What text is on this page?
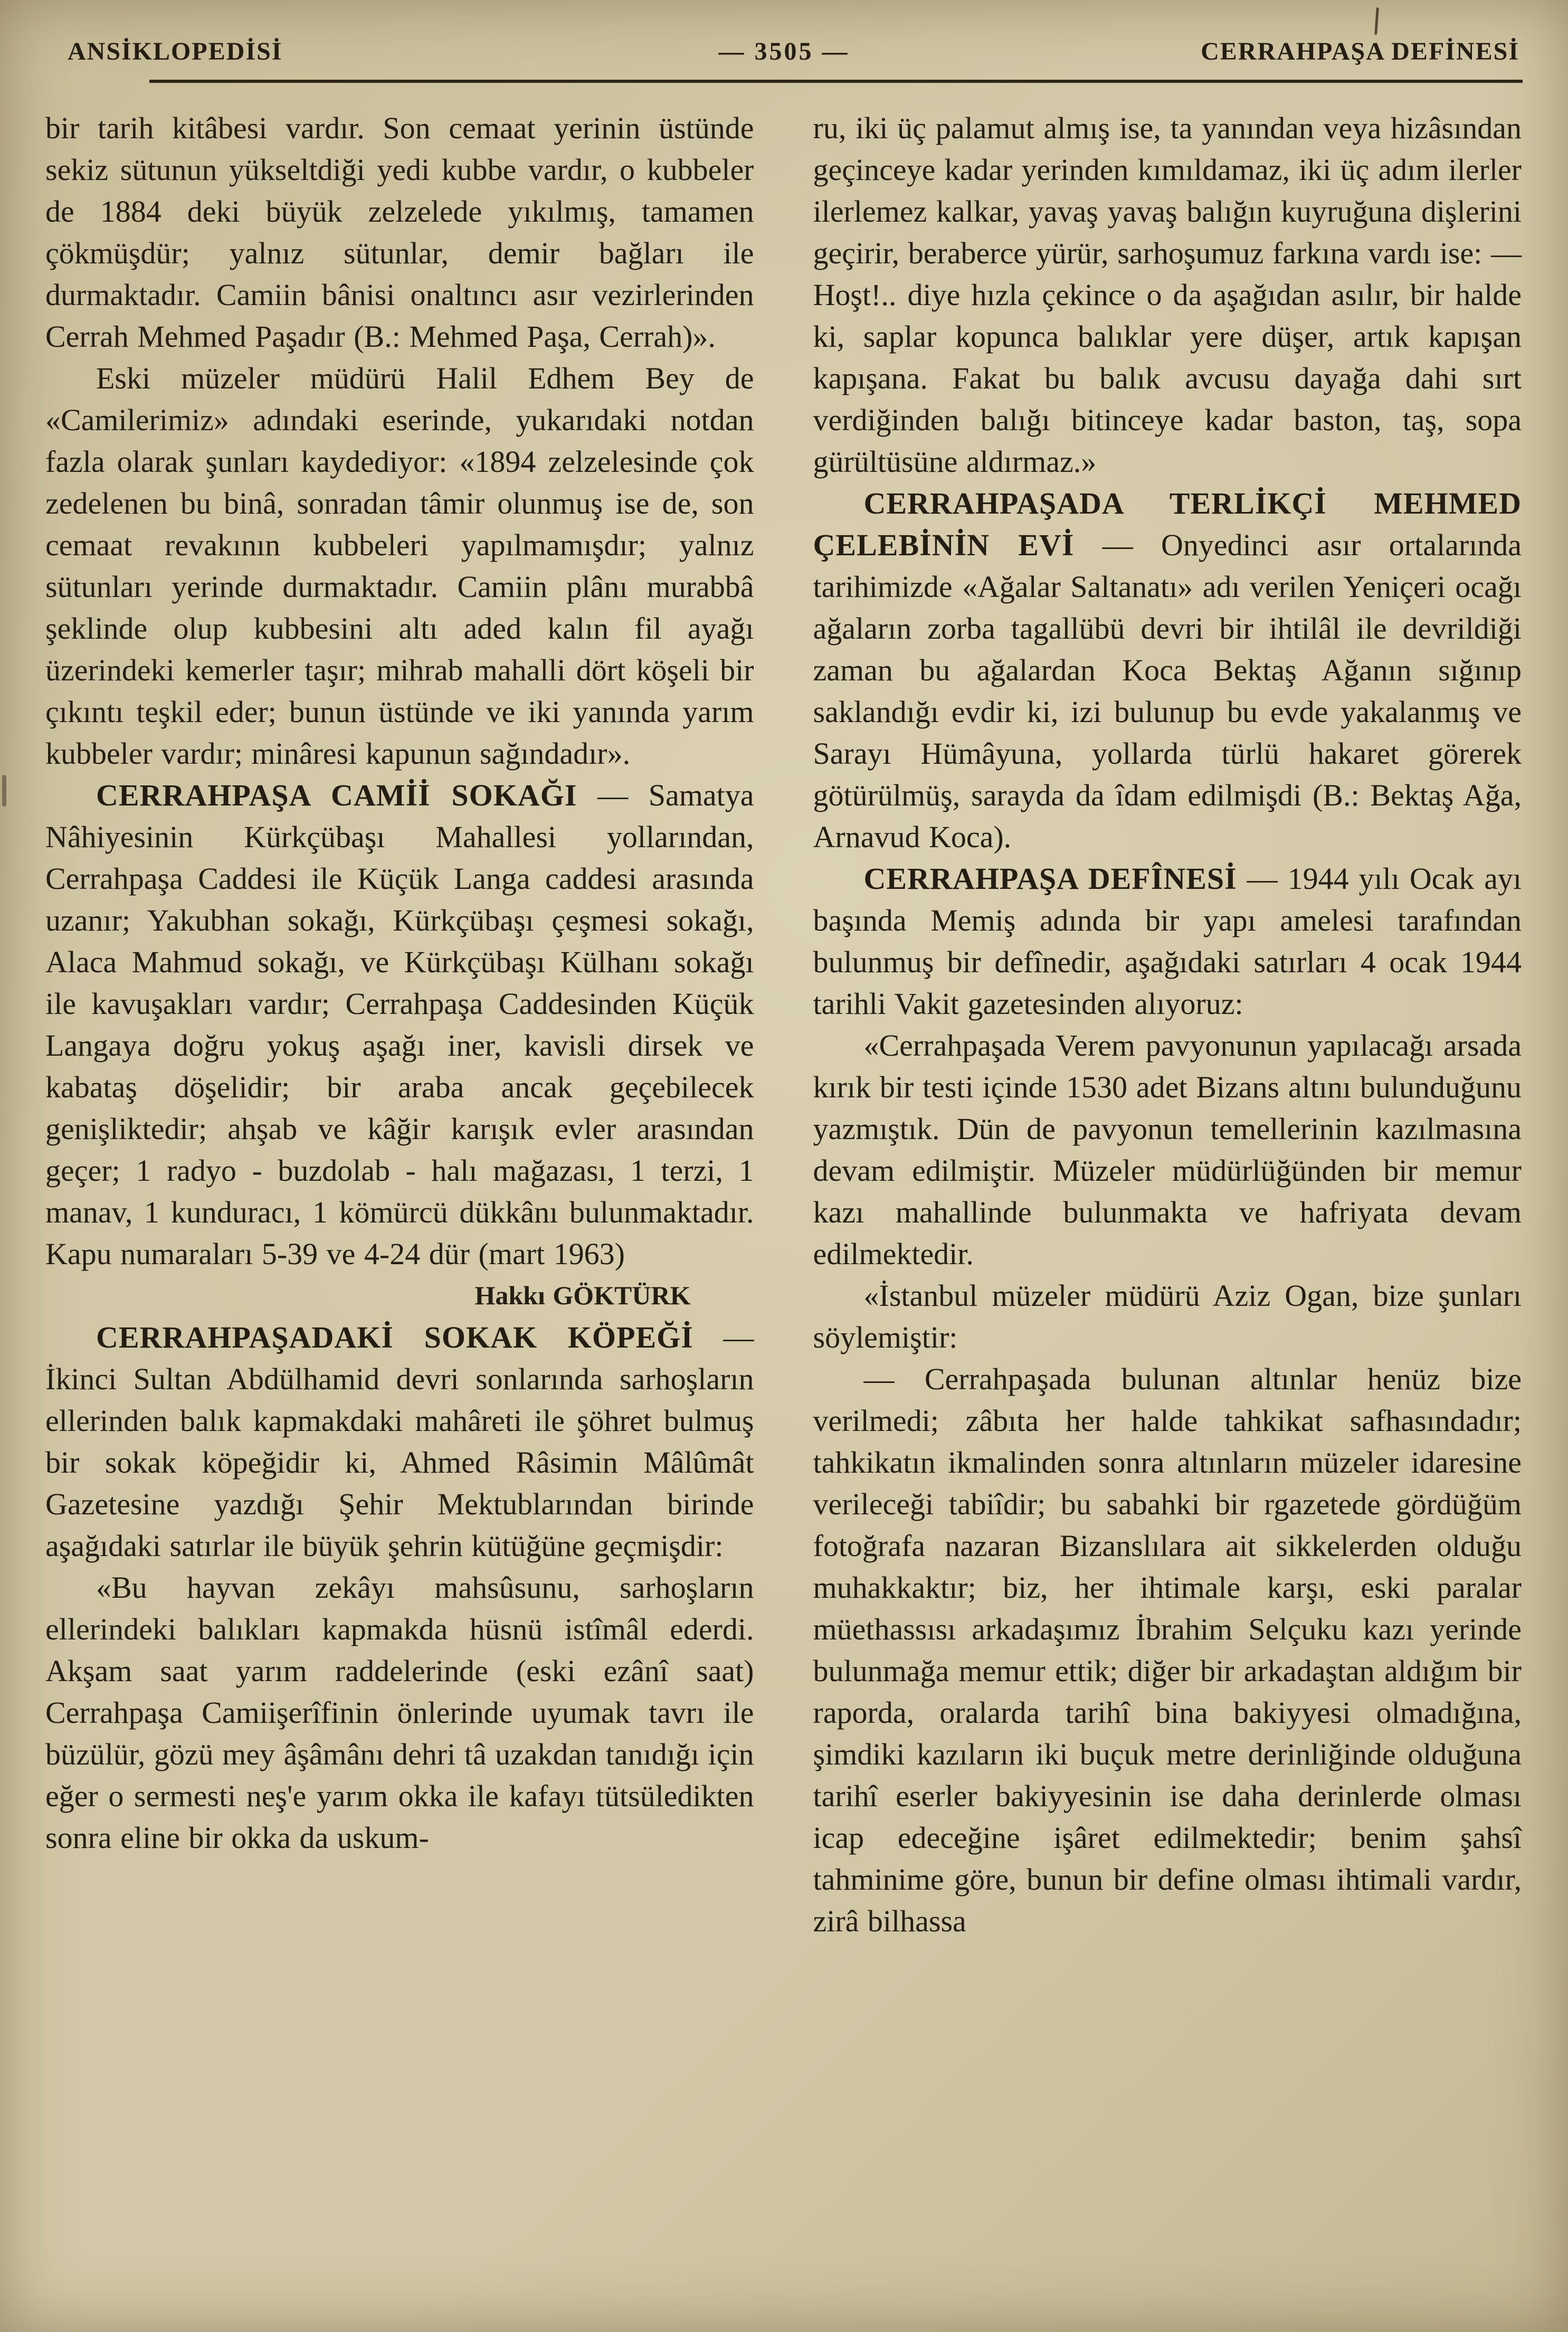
ANSİKLOPEDİSİ	— 3505 —	CERRAHPAŞA DEFİNESİ

bir tarih kitâbesi vardır. Son cemaat yerinin üstünde sekiz sütunun yükseltdiği yedi kubbe vardır, o kubbeler de 1884 deki büyük zelzelede yıkılmış, tamamen çökmüşdür; yalnız sütunlar, demir bağları ile durmaktadır. Camiin bânisi onaltıncı asır vezirlerinden Cerrah Mehmed Paşadır (B.: Mehmed Paşa, Cerrah)».

Eski müzeler müdürü Halil Edhem Bey de «Camilerimiz» adındaki eserinde, yukarıdaki notdan fazla olarak şunları kaydediyor: «1894 zelzelesinde çok zedelenen bu binâ, sonradan tâmir olunmuş ise de, son cemaat revakının kubbeleri yapılmamışdır; yalnız sütunları yerinde durmaktadır. Camiin plânı murabbâ şeklinde olup kubbesini altı aded kalın fil ayağı üzerindeki kemerler taşır; mihrab mahalli dört köşeli bir çıkıntı teşkil eder; bunun üstünde ve iki yanında yarım kubbeler vardır; minâresi kapunun sağındadır».

CERRAHPAŞA CAMİİ SOKAĞI — Samatya Nâhiyesinin Kürkçübaşı Mahallesi yollarından, Cerrahpaşa Caddesi ile Küçük Langa caddesi arasında uzanır; Yakubhan sokağı, Kürkçübaşı çeşmesi sokağı, Alaca Mahmud sokağı, ve Kürkçübaşı Külhanı sokağı ile kavuşakları vardır; Cerrahpaşa Caddesinden Küçük Langaya doğru yokuş aşağı iner, kavisli dirsek ve kabataş döşelidir; bir araba ancak geçebilecek genişliktedir; ahşab ve kâğir karışık evler arasından geçer; 1 radyo - buzdolab - halı mağazası, 1 terzi, 1 manav, 1 kunduracı, 1 kömürcü dükkânı bulunmaktadır. Kapu numaraları 5-39 ve 4-24 dür (mart 1963)

Hakkı GÖKTÜRK

CERRAHPAŞADAKİ SOKAK KÖPEĞİ — İkinci Sultan Abdülhamid devri sonlarında sarhoşların ellerinden balık kapmakdaki mahâreti ile şöhret bulmuş bir sokak köpeğidir ki, Ahmed Râsimin Mâlûmât Gazetesine yazdığı Şehir Mektublarından birinde aşağıdaki satırlar ile büyük şehrin kütüğüne geçmişdir:

«Bu hayvan zekâyı mahsûsunu, sarhoşların ellerindeki balıkları kapmakda hüsnü istîmâl ederdi. Akşam saat yarım raddelerinde (eski ezânî saat) Cerrahpaşa Camiişerîfinin önlerinde uyumak tavrı ile büzülür, gözü mey âşâmânı dehri tâ uzakdan tanıdığı için eğer o sermesti neş'e yarım okka ile kafayı tütsüledikten sonra eline bir okka da uskum-

ru, iki üç palamut almış ise, ta yanından veya hizâsından geçinceye kadar yerinden kımıldamaz, iki üç adım ilerler ilerlemez kalkar, yavaş yavaş balığın kuyruğuna dişlerini geçirir, beraberce yürür, sarhoşumuz farkına vardı ise: — Hoşt!.. diye hızla çekince o da aşağıdan asılır, bir halde ki, saplar kopunca balıklar yere düşer, artık kapışan kapışana. Fakat bu balık avcusu dayağa dahi sırt verdiğinden balığı bitinceye kadar baston, taş, sopa gürültüsüne aldırmaz.»

CERRAHPAŞADA TERLİKÇİ MEHMED ÇELEBİNİN EVİ — Onyedinci asır ortalarında tarihimizde «Ağalar Saltanatı» adı verilen Yeniçeri ocağı ağaların zorba tagallübü devri bir ihtilâl ile devrildiği zaman bu ağalardan Koca Bektaş Ağanın sığınıp saklandığı evdir ki, izi bulunup bu evde yakalanmış ve Sarayı Hümâyuna, yollarda türlü hakaret görerek götürülmüş, sarayda da îdam edilmişdi (B.: Bektaş Ağa, Arnavud Koca).

CERRAHPAŞA DEFÎNESİ — 1944 yılı Ocak ayı başında Memiş adında bir yapı amelesi tarafından bulunmuş bir defînedir, aşağıdaki satırları 4 ocak 1944 tarihli Vakit gazetesinden alıyoruz:

«Cerrahpaşada Verem pavyonunun yapılacağı arsada kırık bir testi içinde 1530 adet Bizans altını bulunduğunu yazmıştık. Dün de pavyonun temellerinin kazılmasına devam edilmiştir. Müzeler müdürlüğünden bir memur kazı mahallinde bulunmakta ve hafriyata devam edilmektedir.

«İstanbul müzeler müdürü Aziz Ogan, bize şunları söylemiştir:

— Cerrahpaşada bulunan altınlar henüz bize verilmedi; zâbıta her halde tahkikat safhasındadır; tahkikatın ikmalinden sonra altınların müzeler idaresine verileceği tabiîdir; bu sabahki bir rgazetede gördüğüm fotoğrafa nazaran Bizanslılara ait sikkelerden olduğu muhakkaktır; biz, her ihtimale karşı, eski paralar müethassısı arkadaşımız İbrahim Selçuku kazı yerinde bulunmağa memur ettik; diğer bir arkadaştan aldığım bir raporda, oralarda tarihî bina bakiyyesi olmadığına, şimdiki kazıların iki buçuk metre derinliğinde olduğuna tarihî eserler bakiyyesinin ise daha derinlerde olması icap edeceğine işâret edilmektedir; benim şahsî tahminime göre, bunun bir define olması ihtimali vardır, zirâ bilhassa
